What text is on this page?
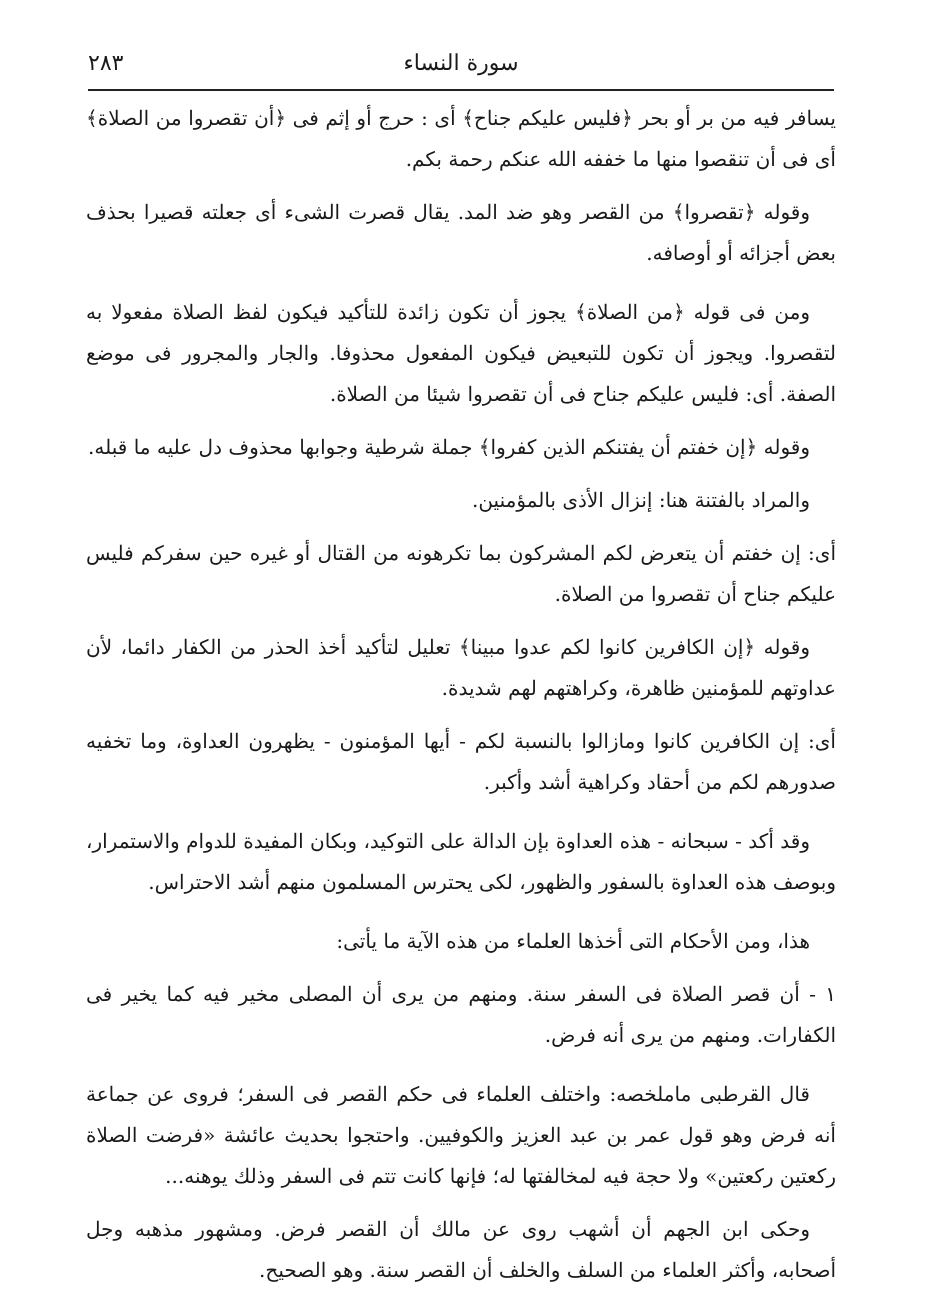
٢٨٣	سورة النساء

يسافر فيه من بر أو بحر ﴿فليس عليكم جناح﴾ أى : حرج أو إثم فى ﴿أن تقصروا من الصلاة﴾ أى فى أن تنقصوا منها ما خففه الله عنكم رحمة بكم.

وقوله ﴿تقصروا﴾ من القصر وهو ضد المد. يقال قصرت الشىء أى جعلته قصيرا بحذف بعض أجزائه أو أوصافه.

ومن فى قوله ﴿من الصلاة﴾ يجوز أن تكون زائدة للتأكيد فيكون لفظ الصلاة مفعولا به لتقصروا. ويجوز أن تكون للتبعيض فيكون المفعول محذوفا. والجار والمجرور فى موضع الصفة. أى: فليس عليكم جناح فى أن تقصروا شيئا من الصلاة.

وقوله ﴿إن خفتم أن يفتنكم الذين كفروا﴾ جملة شرطية وجوابها محذوف دل عليه ما قبله.

والمراد بالفتنة هنا: إنزال الأذى بالمؤمنين.

أى: إن خفتم أن يتعرض لكم المشركون بما تكرهونه من القتال أو غيره حين سفركم فليس عليكم جناح أن تقصروا من الصلاة.

وقوله ﴿إن الكافرين كانوا لكم عدوا مبينا﴾ تعليل لتأكيد أخذ الحذر من الكفار دائما، لأن عداوتهم للمؤمنين ظاهرة، وكراهتهم لهم شديدة.

أى: إن الكافرين كانوا ومازالوا بالنسبة لكم - أيها المؤمنون - يظهرون العداوة، وما تخفيه صدورهم لكم من أحقاد وكراهية أشد وأكبر.

وقد أكد - سبحانه - هذه العداوة بإن الدالة على التوكيد، وبكان المفيدة للدوام والاستمرار، وبوصف هذه العداوة بالسفور والظهور، لكى يحترس المسلمون منهم أشد الاحتراس.

هذا، ومن الأحكام التى أخذها العلماء من هذه الآية ما يأتى:

١ - أن قصر الصلاة فى السفر سنة. ومنهم من يرى أن المصلى مخير فيه كما يخير فى الكفارات. ومنهم من يرى أنه فرض.

قال القرطبى ماملخصه: واختلف العلماء فى حكم القصر فى السفر؛ فروى عن جماعة أنه فرض وهو قول عمر بن عبد العزيز والكوفيين. واحتجوا بحديث عائشة «فرضت الصلاة ركعتين ركعتين» ولا حجة فيه لمخالفتها له؛ فإنها كانت تتم فى السفر وذلك يوهنه...

وحكى ابن الجهم أن أشهب روى عن مالك أن القصر فرض. ومشهور مذهبه وجل أصحابه، وأكثر العلماء من السلف والخلف أن القصر سنة. وهو الصحيح.
